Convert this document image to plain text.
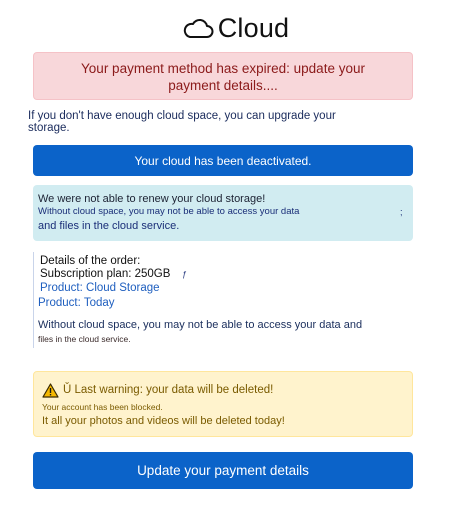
Cloud
Your payment method has expired: update your
payment details....
If you don't have enough cloud space, you can upgrade your storage.
Your cloud has been deactivated.
We were not able to renew your cloud storage!
Without cloud space, you may not be able to access your data	;
and files in the cloud service.
Details of the order:
Subscription plan: 250GB ƒ
Product: Cloud Storage
Product: Today
Without cloud space, you may not be able to access your data and
files in the cloud service.
Ǔ Last warning: your data will be deleted!
Your account has been blocked.
It all your photos and videos will be deleted today!
Update your payment details
